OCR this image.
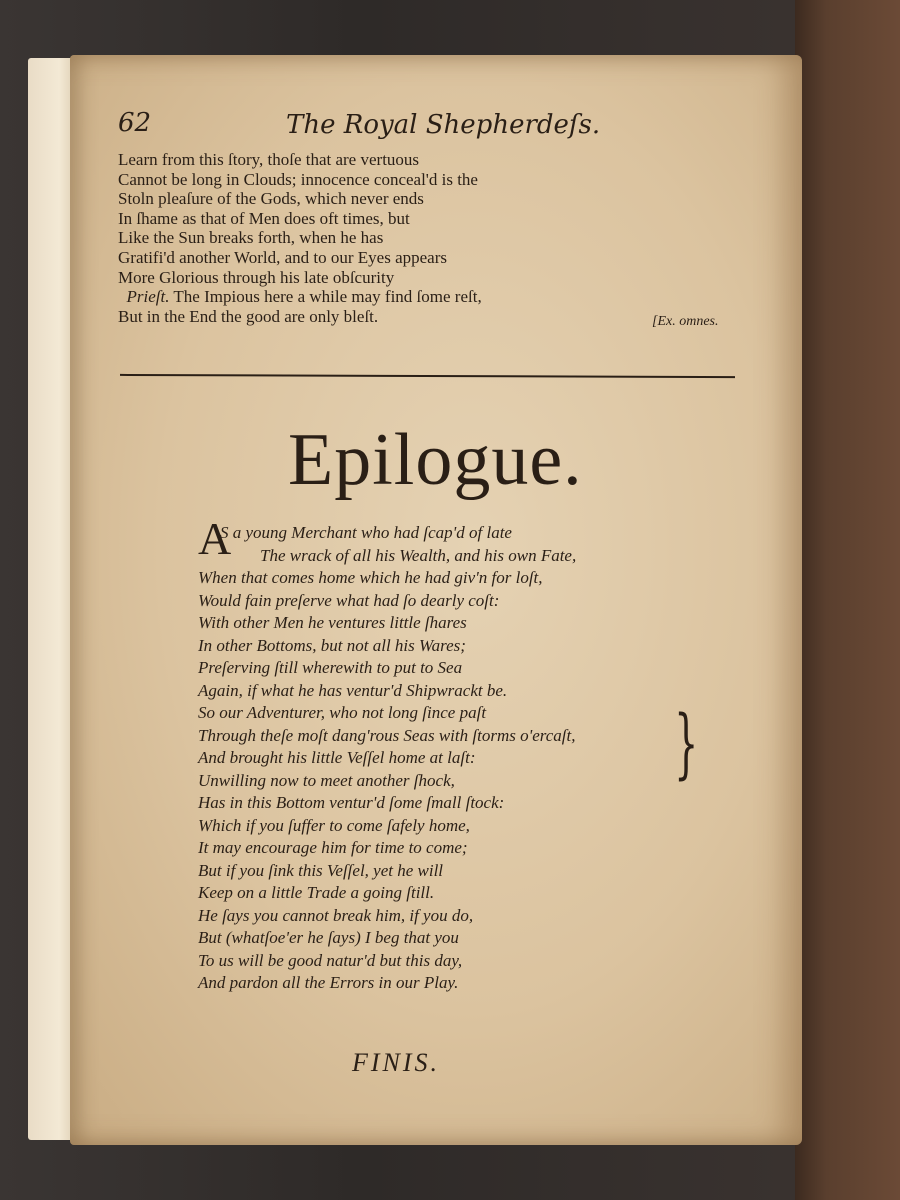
62	The Royal Shepherdeſs.
Learn from this ſtory, thoſe that are vertuous
Cannot be long in Clouds; innocence conceal'd is the
Stoln pleaſure of the Gods, which never ends
In ſhame as that of Men does oft times, but
Like the Sun breaks forth, when he has
Gratifi'd another World, and to our Eyes appears
More Glorious through his late obſcurity
Prieſt. The Impious here a while may find ſome reſt,
But in the End the good are only bleſt.	[Ex. omnes.
Epilogue.
A
S a young Merchant who had ſcap'd of late
The wrack of all his Wealth, and his own Fate,
When that comes home which he had giv'n for loſt,
Would fain preſerve what had ſo dearly coſt:
With other Men he ventures little ſhares
In other Bottoms, but not all his Wares;
Preſerving ſtill wherewith to put to Sea
Again, if what he has ventur'd Shipwrackt be.
So our Adventurer, who not long ſince paſt
Through theſe moſt dang'rous Seas with ſtorms o'ercaſt,
And brought his little Veſſel home at laſt:
Unwilling now to meet another ſhock,
Has in this Bottom ventur'd ſome ſmall ſtock:
Which if you ſuffer to come ſafely home,
It may encourage him for time to come;
But if you ſink this Veſſel, yet he will
Keep on a little Trade a going ſtill.
He ſays you cannot break him, if you do,
But (whatſoe'er he ſays) I beg that you
To us will be good natur'd but this day,
And pardon all the Errors in our Play.
}
FINIS.
